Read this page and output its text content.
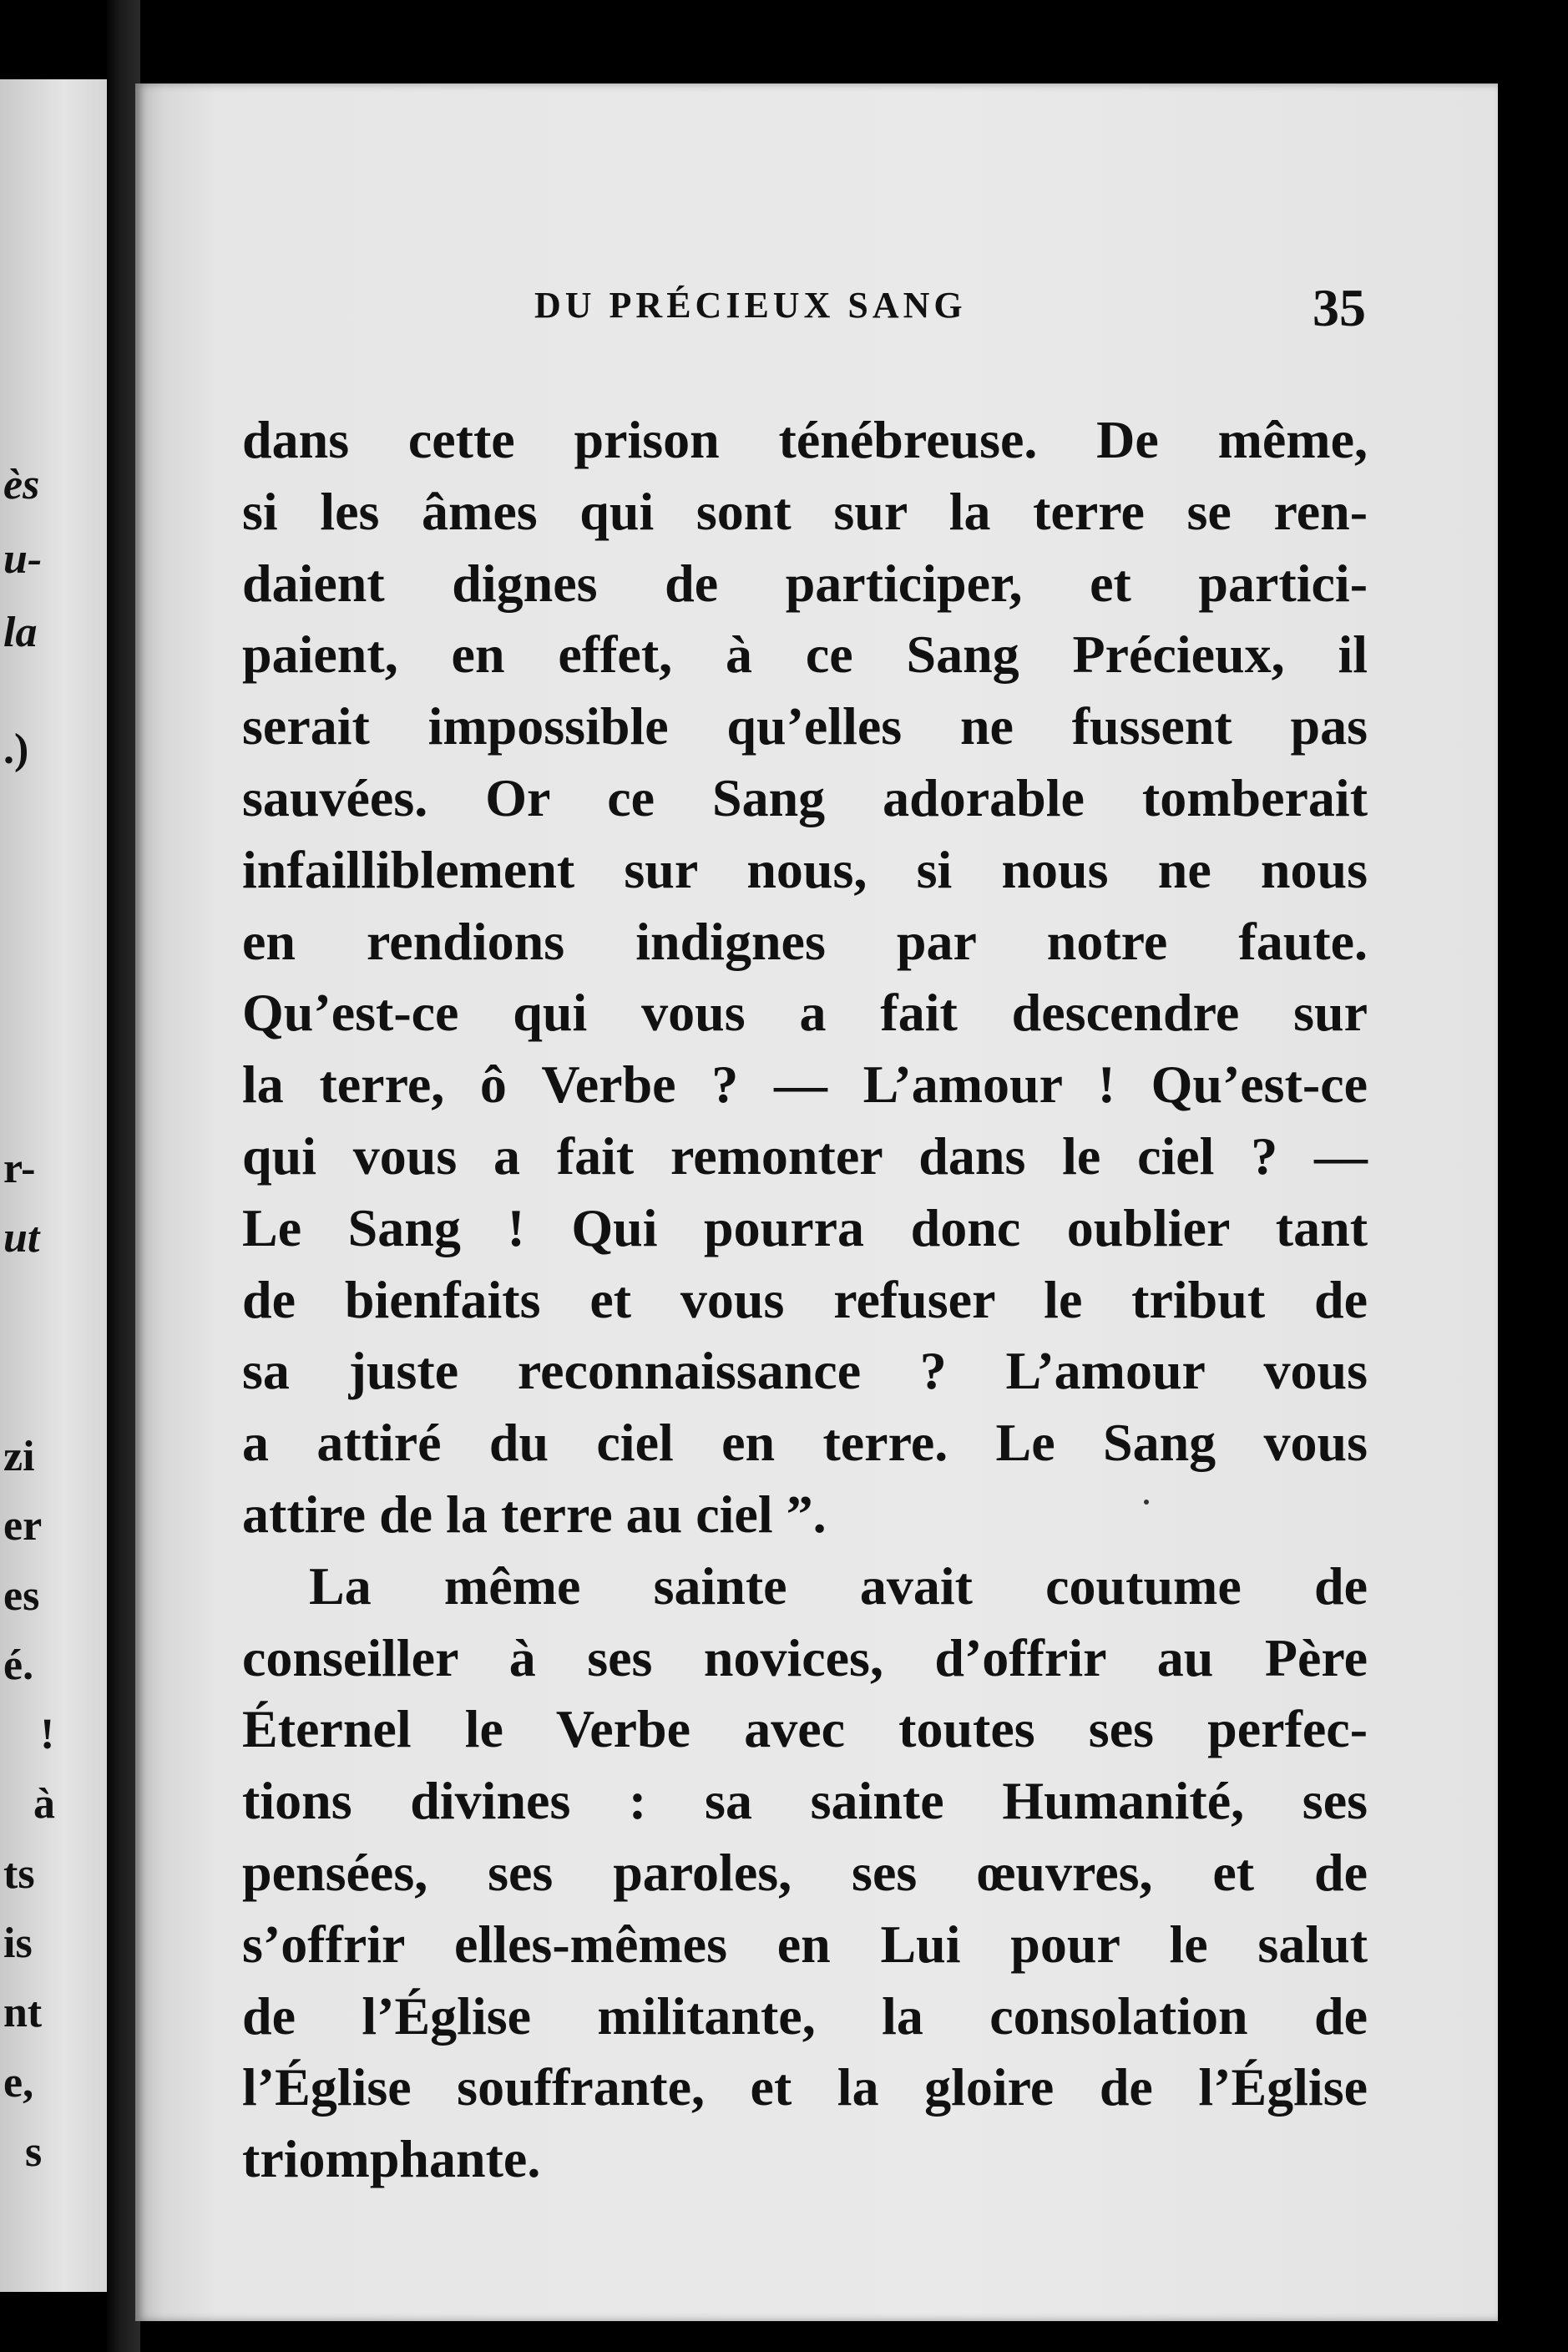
ès
u-
la
.)
r-
ut
zi
er
es
é.
!
à
ts
is
nt
e,
s
DU PRÉCIEUX SANG	35
dans cette prison ténébreuse. De même,
si les âmes qui sont sur la terre se ren-
daient dignes de participer, et partici-
paient, en effet, à ce Sang Précieux, il
serait impossible qu’elles ne fussent pas
sauvées. Or ce Sang adorable tomberait
infailliblement sur nous, si nous ne nous
en rendions indignes par notre faute.
Qu’est-ce qui vous a fait descendre sur
la terre, ô Verbe ? — L’amour ! Qu’est-ce
qui vous a fait remonter dans le ciel ? —
Le Sang ! Qui pourra donc oublier tant
de bienfaits et vous refuser le tribut de
sa juste reconnaissance ? L’amour vous
a attiré du ciel en terre. Le Sang vous
attire de la terre au ciel ”.
La même sainte avait coutume de
conseiller à ses novices, d’offrir au Père
Éternel le Verbe avec toutes ses perfec-
tions divines : sa sainte Humanité, ses
pensées, ses paroles, ses œuvres, et de
s’offrir elles-mêmes en Lui pour le salut
de l’Église militante, la consolation de
l’Église souffrante, et la gloire de l’Église
triomphante.
